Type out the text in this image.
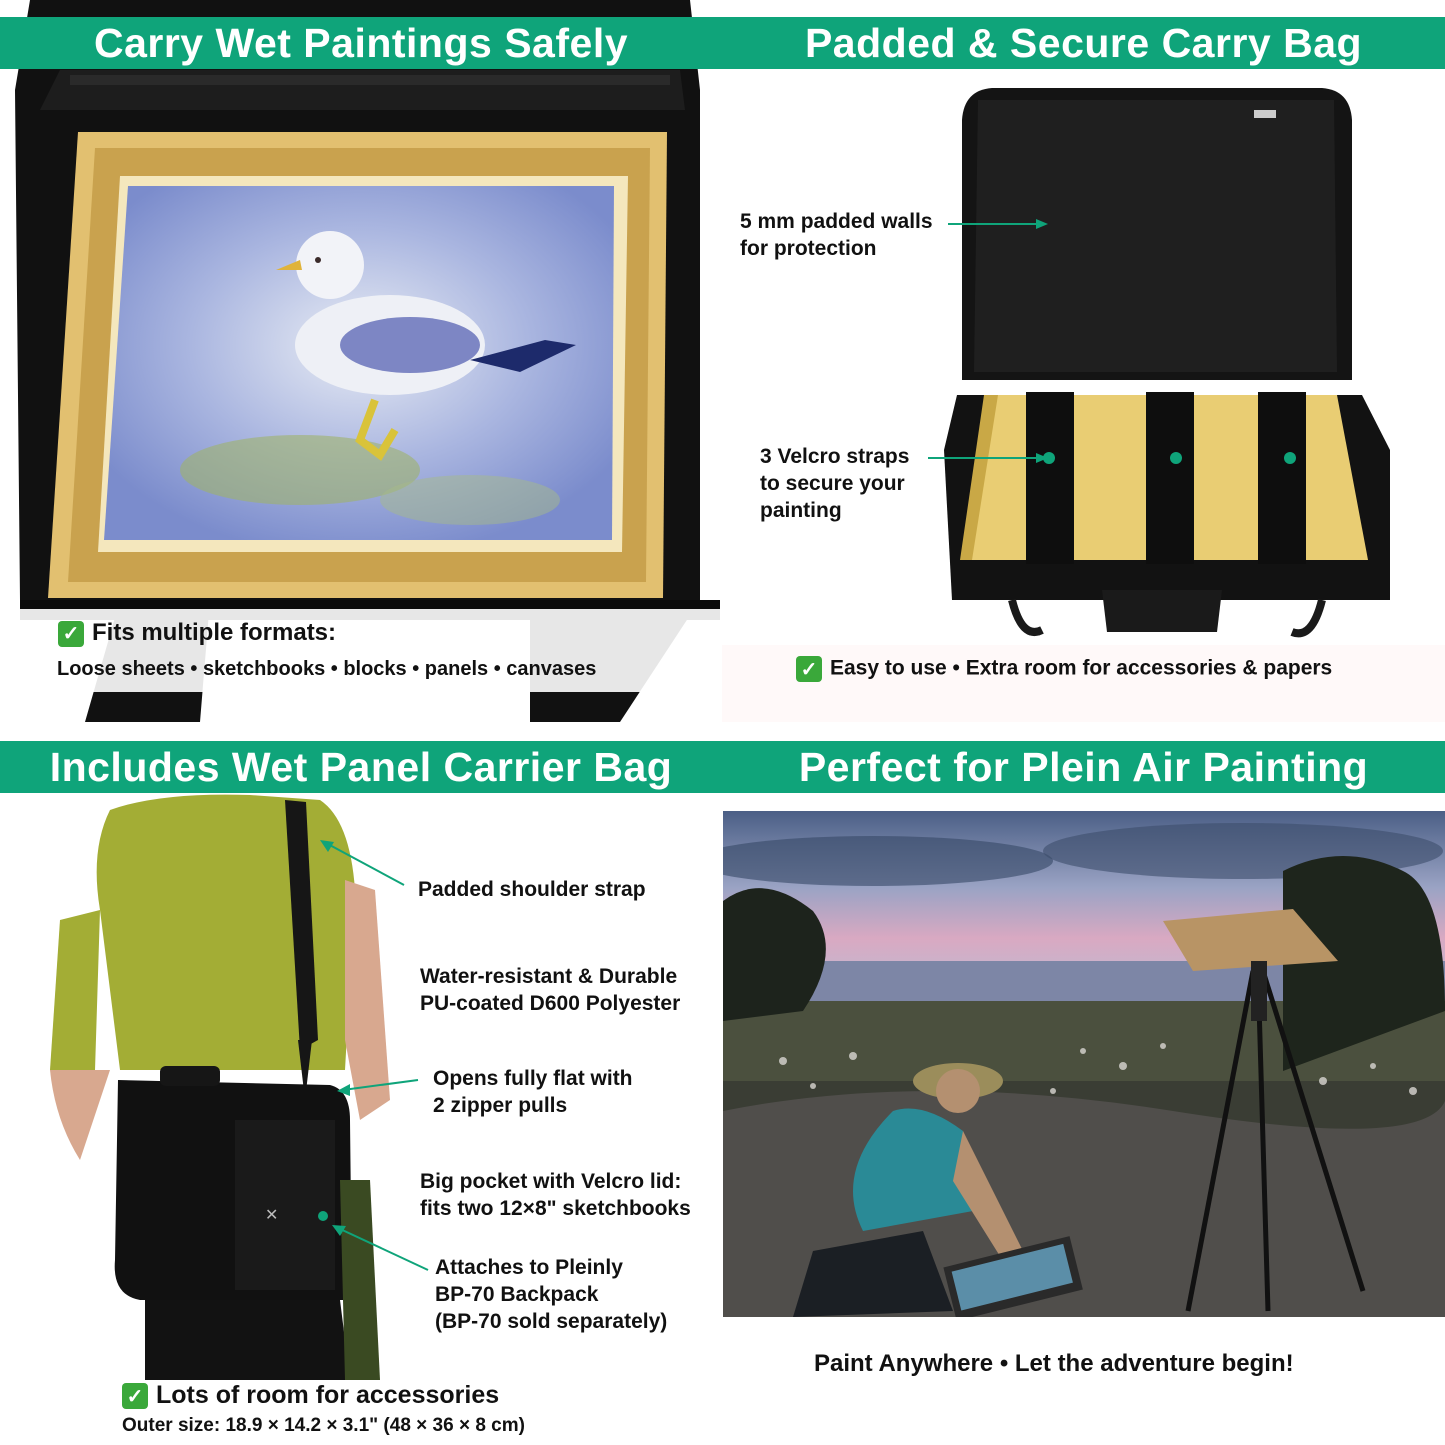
✓ Fits multiple formats:
Loose sheets • sketchbooks • blocks • panels • canvases
Carry Wet Paintings Safely
5 mm padded walls
for protection
3 Velcro straps
to secure your
painting
✓ Easy to use • Extra room for accessories & papers
Padded & Secure Carry Bag
✕
Padded shoulder strap
Water-resistant & Durable
PU-coated D600 Polyester
Opens fully flat with
2 zipper pulls
Big pocket with Velcro lid:
fits two 12×8" sketchbooks
Attaches to Pleinly
BP-70 Backpack
(BP-70 sold separately)
✓ Lots of room for accessories
Outer size: 18.9 × 14.2 × 3.1" (48 × 36 × 8 cm)
Includes Wet Panel Carrier Bag	Perfect for Plein Air Painting
Paint Anywhere • Let the adventure begin!
